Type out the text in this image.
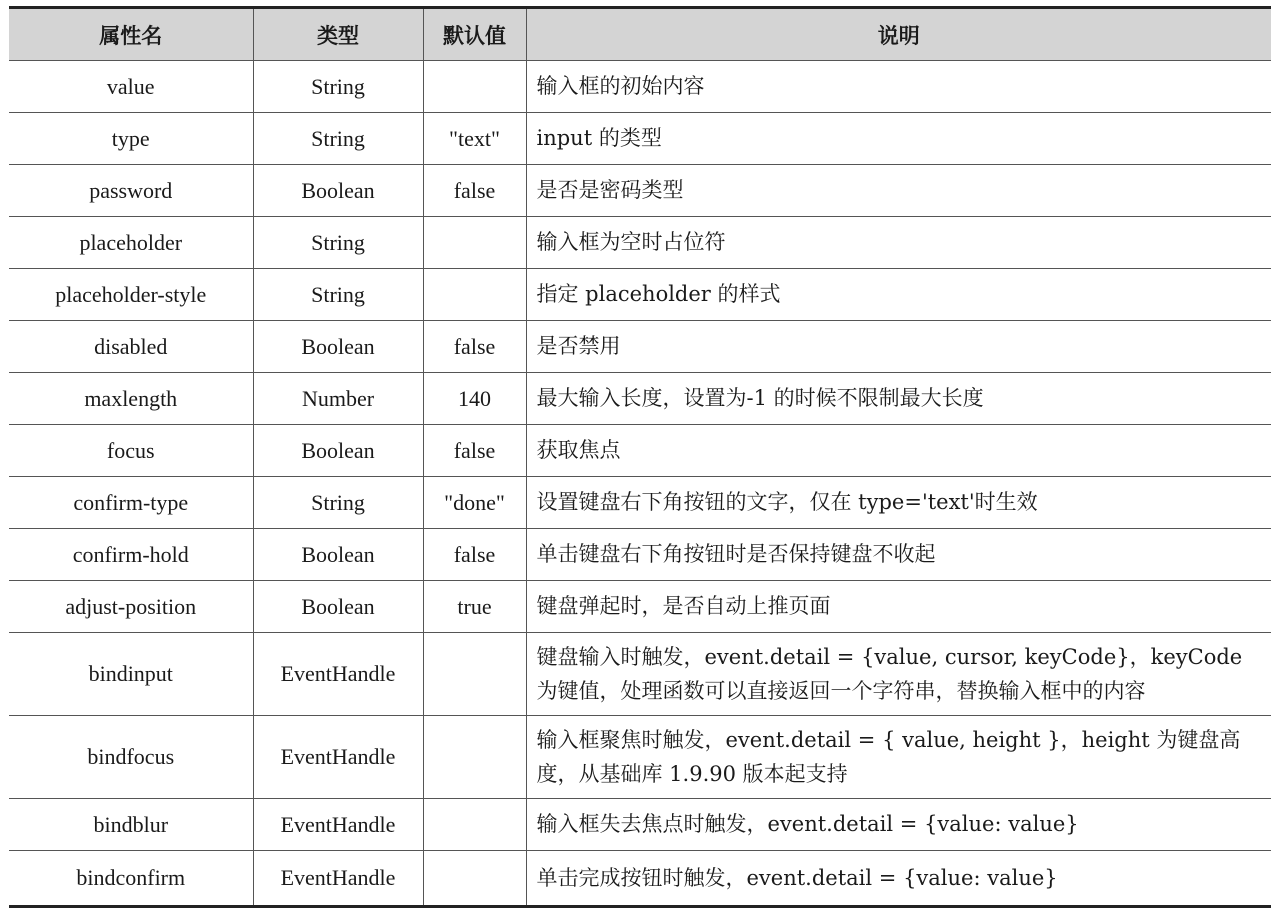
属性名	类型	默认值	说明
value	String		输入框的初始内容
type	String	"text"	input 的类型
password	Boolean	false	是否是密码类型
placeholder	String		输入框为空时占位符
placeholder-style	String		指定 placeholder 的样式
disabled	Boolean	false	是否禁用
maxlength	Number	140	最大输入长度，设置为-1 的时候不限制最大长度
focus	Boolean	false	获取焦点
confirm-type	String	"done"	设置键盘右下角按钮的文字，仅在 type='text'时生效
confirm-hold	Boolean	false	单击键盘右下角按钮时是否保持键盘不收起
adjust-position	Boolean	true	键盘弹起时，是否自动上推页面
bindinput	EventHandle		键盘输入时触发，event.detail = {value, cursor, keyCode}，keyCode 为键值，处理函数可以直接返回一个字符串，替换输入框中的内容
bindfocus	EventHandle		输入框聚焦时触发，event.detail = { value, height }，height 为键盘高度，从基础库 1.9.90 版本起支持
bindblur	EventHandle		输入框失去焦点时触发，event.detail = {value: value}
bindconfirm	EventHandle		单击完成按钮时触发，event.detail = {value: value}
